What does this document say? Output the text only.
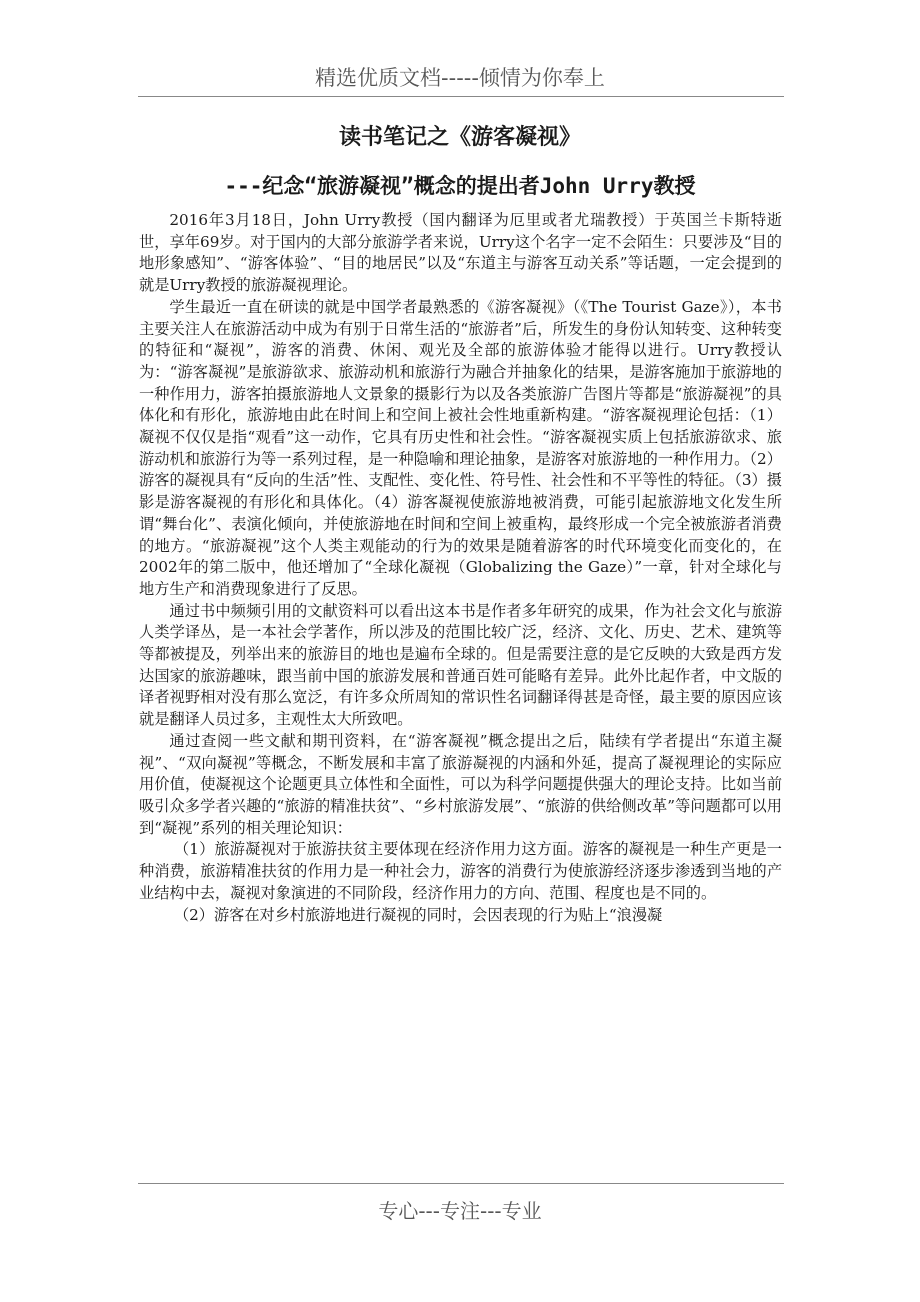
精选优质文档-----倾情为你奉上
读书笔记之《游客凝视》
---纪念“旅游凝视”概念的提出者John Urry教授

2016年3月18日，John Urry教授（国内翻译为厄里或者尤瑞教授）于英国兰卡斯特逝世，享年69岁。对于国内的大部分旅游学者来说，Urry这个名字一定不会陌生：只要涉及“目的地形象感知”、“游客体验”、“目的地居民”以及“东道主与游客互动关系”等话题，一定会提到的就是Urry教授的旅游凝视理论。

学生最近一直在研读的就是中国学者最熟悉的《游客凝视》（《The Tourist Gaze》），本书主要关注人在旅游活动中成为有别于日常生活的“旅游者”后，所发生的身份认知转变、这种转变的特征和“凝视”，游客的消费、休闲、观光及全部的旅游体验才能得以进行。Urry教授认为：“游客凝视”是旅游欲求、旅游动机和旅游行为融合并抽象化的结果，是游客施加于旅游地的一种作用力，游客拍摄旅游地人文景象的摄影行为以及各类旅游广告图片等都是“旅游凝视”的具体化和有形化，旅游地由此在时间上和空间上被社会性地重新构建。“游客凝视理论包括：（1）凝视不仅仅是指“观看”这一动作，它具有历史性和社会性。“游客凝视实质上包括旅游欲求、旅游动机和旅游行为等一系列过程，是一种隐喻和理论抽象，是游客对旅游地的一种作用力。（2）游客的凝视具有“反向的生活”性、支配性、变化性、符号性、社会性和不平等性的特征。（3）摄影是游客凝视的有形化和具体化。（4）游客凝视使旅游地被消费，可能引起旅游地文化发生所谓“舞台化”、表演化倾向，并使旅游地在时间和空间上被重构，最终形成一个完全被旅游者消费的地方。“旅游凝视”这个人类主观能动的行为的效果是随着游客的时代环境变化而变化的，在2002年的第二版中，他还增加了“全球化凝视（Globalizing the Gaze）”一章，针对全球化与地方生产和消费现象进行了反思。

通过书中频频引用的文献资料可以看出这本书是作者多年研究的成果，作为社会文化与旅游人类学译丛，是一本社会学著作，所以涉及的范围比较广泛，经济、文化、历史、艺术、建筑等等都被提及，列举出来的旅游目的地也是遍布全球的。但是需要注意的是它反映的大致是西方发达国家的旅游趣味，跟当前中国的旅游发展和普通百姓可能略有差异。此外比起作者，中文版的译者视野相对没有那么宽泛，有许多众所周知的常识性名词翻译得甚是奇怪，最主要的原因应该就是翻译人员过多，主观性太大所致吧。

通过查阅一些文献和期刊资料，在“游客凝视”概念提出之后，陆续有学者提出“东道主凝视”、“双向凝视”等概念，不断发展和丰富了旅游凝视的内涵和外延，提高了凝视理论的实际应用价值，使凝视这个论题更具立体性和全面性，可以为科学问题提供强大的理论支持。比如当前吸引众多学者兴趣的“旅游的精准扶贫”、“乡村旅游发展”、“旅游的供给侧改革”等问题都可以用到“凝视”系列的相关理论知识：

（1）旅游凝视对于旅游扶贫主要体现在经济作用力这方面。游客的凝视是一种生产更是一种消费，旅游精准扶贫的作用力是一种社会力，游客的消费行为使旅游经济逐步渗透到当地的产业结构中去，凝视对象演进的不同阶段，经济作用力的方向、范围、程度也是不同的。

（2）游客在对乡村旅游地进行凝视的同时，会因表现的行为贴上“浪漫凝

专心---专注---专业
